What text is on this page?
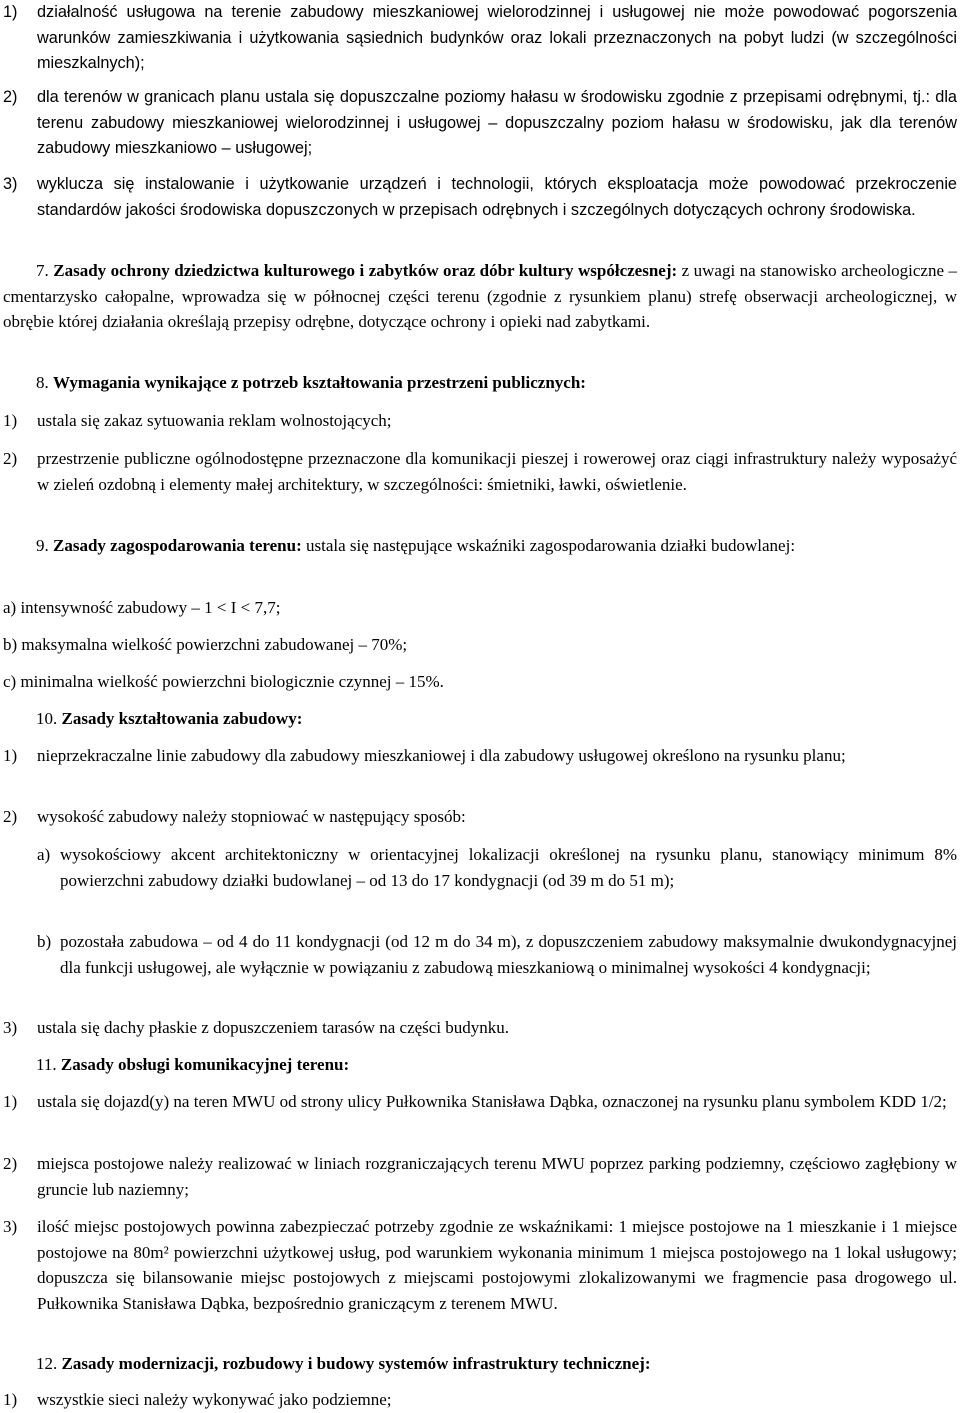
1) działalność usługowa na terenie zabudowy mieszkaniowej wielorodzinnej i usługowej nie może powodować pogorszenia warunków zamieszkiwania i użytkowania sąsiednich budynków oraz lokali przeznaczonych na pobyt ludzi (w szczególności mieszkalnych);
2) dla terenów w granicach planu ustala się dopuszczalne poziomy hałasu w środowisku zgodnie z przepisami odrębnymi, tj.: dla terenu zabudowy mieszkaniowej wielorodzinnej i usługowej – dopuszczalny poziom hałasu w środowisku, jak dla terenów zabudowy mieszkaniowo – usługowej;
3) wyklucza się instalowanie i użytkowanie urządzeń i technologii, których eksploatacja może powodować przekroczenie standardów jakości środowiska dopuszczonych w przepisach odrębnych i szczególnych dotyczących ochrony środowiska.
7. Zasady ochrony dziedzictwa kulturowego i zabytków oraz dóbr kultury współczesnej: z uwagi na stanowisko archeologiczne – cmentarzysko całopalne, wprowadza się w północnej części terenu (zgodnie z rysunkiem planu) strefę obserwacji archeologicznej, w obrębie której działania określają przepisy odrębne, dotyczące ochrony i opieki nad zabytkami.
8. Wymagania wynikające z potrzeb kształtowania przestrzeni publicznych:
1) ustala się zakaz sytuowania reklam wolnostojących;
2) przestrzenie publiczne ogólnodostępne przeznaczone dla komunikacji pieszej i rowerowej oraz ciągi infrastruktury należy wyposażyć w zieleń ozdobną i elementy małej architektury, w szczególności: śmietniki, ławki, oświetlenie.
9. Zasady zagospodarowania terenu: ustala się następujące wskaźniki zagospodarowania działki budowlanej:
a) intensywność zabudowy – 1 < I < 7,7;
b) maksymalna wielkość powierzchni zabudowanej – 70%;
c) minimalna wielkość powierzchni biologicznie czynnej – 15%.
10. Zasady kształtowania zabudowy:
1) nieprzekraczalne linie zabudowy dla zabudowy mieszkaniowej i dla zabudowy usługowej określono na rysunku planu;
2) wysokość zabudowy należy stopniować w następujący sposób:
a) wysokościowy akcent architektoniczny w orientacyjnej lokalizacji określonej na rysunku planu, stanowiący minimum 8% powierzchni zabudowy działki budowlanej – od 13 do 17 kondygnacji (od 39 m do 51 m);
b) pozostała zabudowa – od 4 do 11 kondygnacji (od 12 m do 34 m), z dopuszczeniem zabudowy maksymalnie dwukondygnacyjnej dla funkcji usługowej, ale wyłącznie w powiązaniu z zabudową mieszkaniową o minimalnej wysokości 4 kondygnacji;
3) ustala się dachy płaskie z dopuszczeniem tarasów na części budynku.
11. Zasady obsługi komunikacyjnej terenu:
1) ustala się dojazd(y) na teren MWU od strony ulicy Pułkownika Stanisława Dąbka, oznaczonej na rysunku planu symbolem KDD 1/2;
2) miejsca postojowe należy realizować w liniach rozgraniczających terenu MWU poprzez parking podziemny, częściowo zagłębiony w gruncie lub naziemny;
3) ilość miejsc postojowych powinna zabezpieczać potrzeby zgodnie ze wskaźnikami: 1 miejsce postojowe na 1 mieszkanie i 1 miejsce postojowe na 80m² powierzchni użytkowej usług, pod warunkiem wykonania minimum 1 miejsca postojowego na 1 lokal usługowy; dopuszcza się bilansowanie miejsc postojowych z miejscami postojowymi zlokalizowanymi we fragmencie pasa drogowego ul. Pułkownika Stanisława Dąbka, bezpośrednio graniczącym z terenem MWU.
12. Zasady modernizacji, rozbudowy i budowy systemów infrastruktury technicznej:
1) wszystkie sieci należy wykonywać jako podziemne;
